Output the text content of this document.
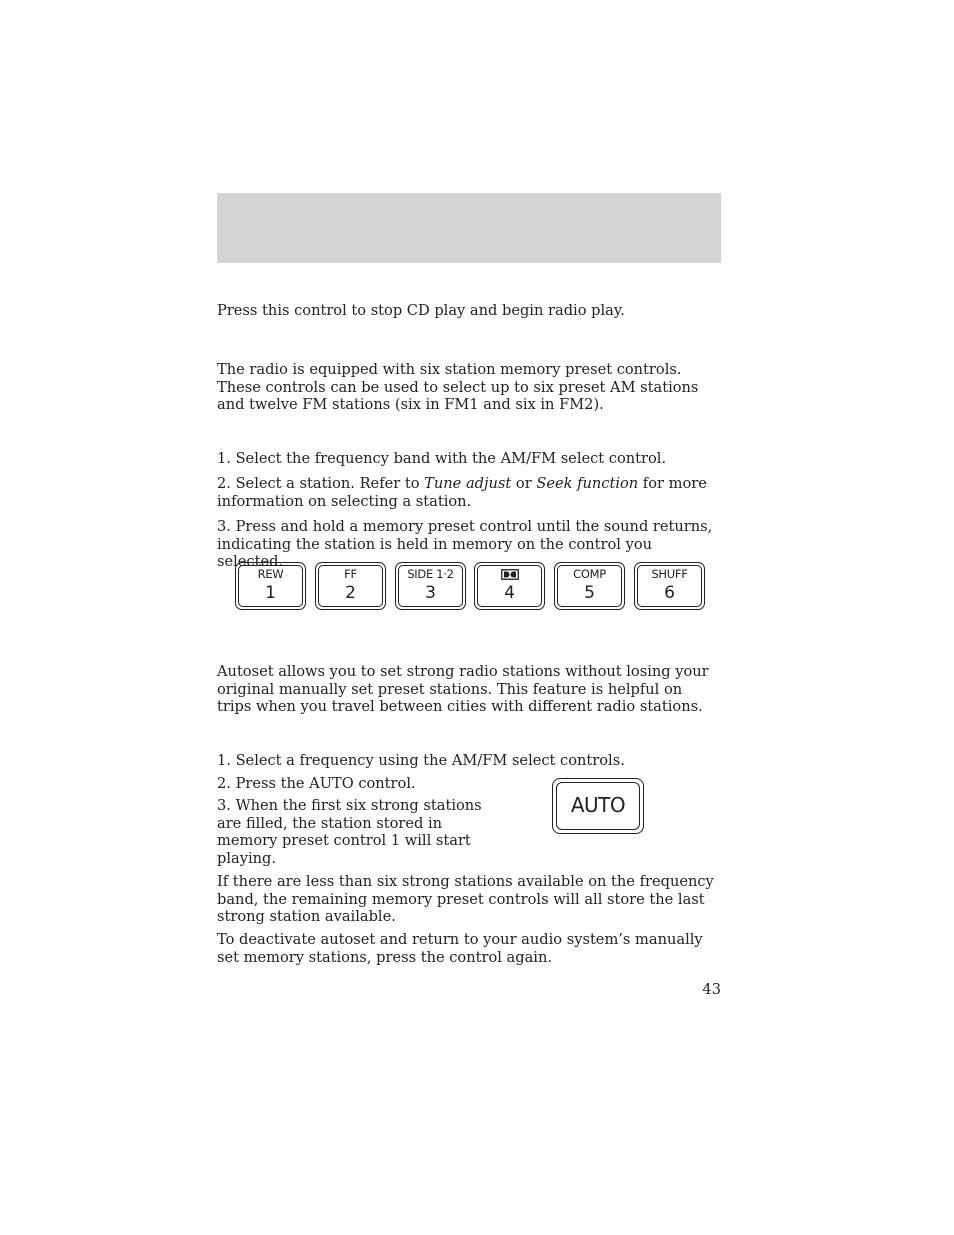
Press this control to stop CD play and begin radio play.

The radio is equipped with six station memory preset controls. These controls can be used to select up to six preset AM stations and twelve FM stations (six in FM1 and six in FM2).

1. Select the frequency band with the AM/FM select control.

2. Select a station. Refer to Tune adjust or Seek function for more information on selecting a station.

3. Press and hold a memory preset control until the sound returns, indicating the station is held in memory on the control you selected.

REW
1
FF
2
SIDE 1·2
3	4
COMP
5
SHUFF
6

Autoset allows you to set strong radio stations without losing your original manually set preset stations. This feature is helpful on trips when you travel between cities with different radio stations.

1. Select a frequency using the AM/FM select controls.

2. Press the AUTO control.

3. When the first six strong stations are filled, the station stored in memory preset control 1 will start playing.

AUTO

If there are less than six strong stations available on the frequency band, the remaining memory preset controls will all store the last strong station available.

To deactivate autoset and return to your audio system’s manually set memory stations, press the control again.

43
